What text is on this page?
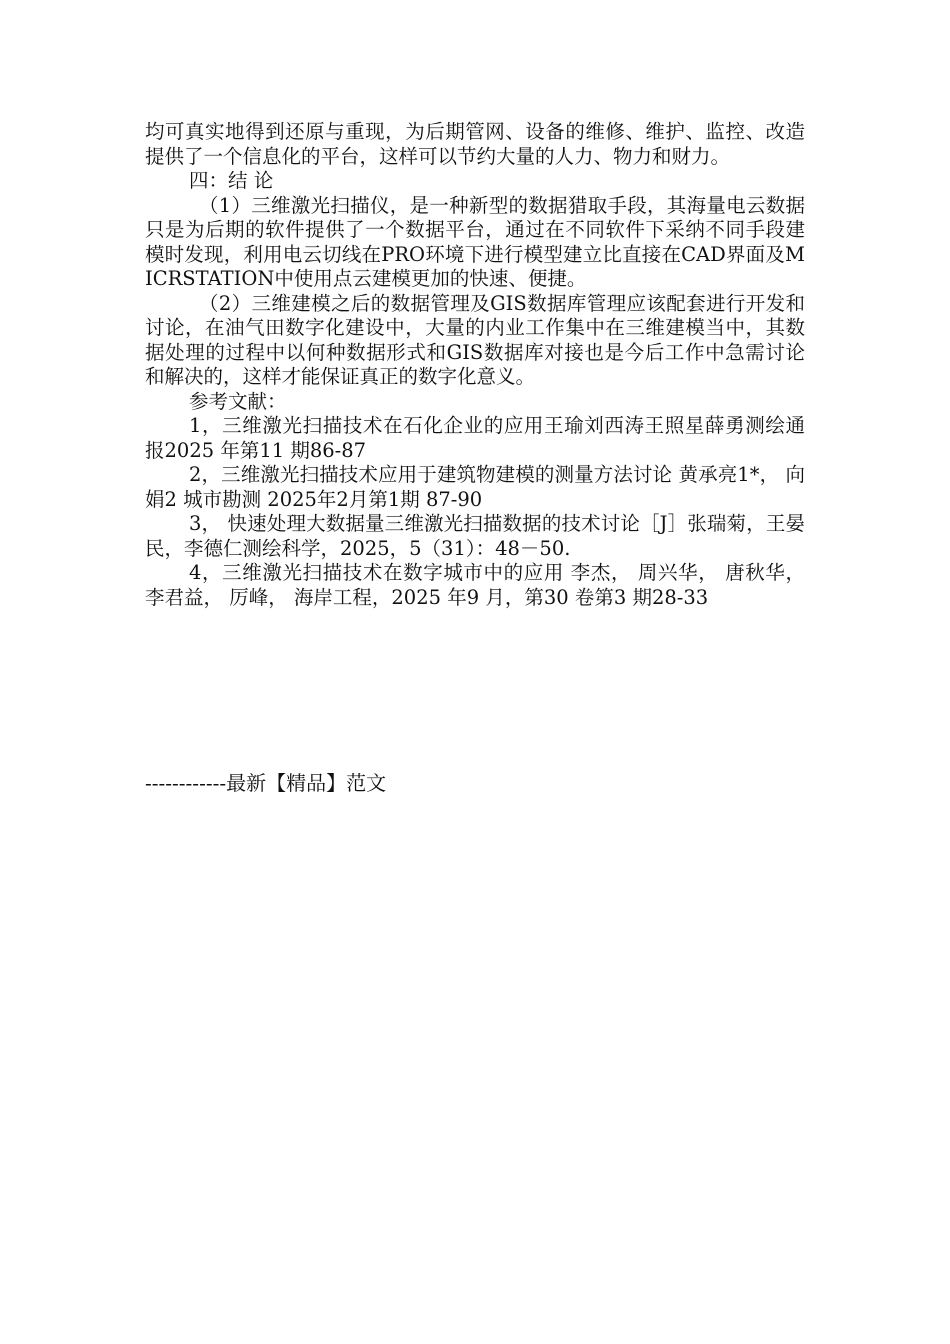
均可真实地得到还原与重现，为后期管网、设备的维修、维护、监控、改造提供了一个信息化的平台，这样可以节约大量的人力、物力和财力。

四：结 论

（1）三维激光扫描仪，是一种新型的数据猎取手段，其海量电云数据只是为后期的软件提供了一个数据平台，通过在不同软件下采纳不同手段建模时发现，利用电云切线在PRO环境下进行模型建立比直接在CAD界面及MICRSTATION中使用点云建模更加的快速、便捷。

（2）三维建模之后的数据管理及GIS数据库管理应该配套进行开发和讨论，在油气田数字化建设中，大量的内业工作集中在三维建模当中，其数据处理的过程中以何种数据形式和GIS数据库对接也是今后工作中急需讨论和解决的，这样才能保证真正的数字化意义。

参考文献：

1，三维激光扫描技术在石化企业的应用王瑜刘西涛王照星薛勇测绘通报2025 年第11 期86-87

2，三维激光扫描技术应用于建筑物建模的测量方法讨论 黄承亮1*， 向娟2 城市勘测 2025年2月第1期 87-90

3， 快速处理大数据量三维激光扫描数据的技术讨论［J］张瑞菊，王晏民，李德仁测绘科学，2025，5（31）：48－50.

4，三维激光扫描技术在数字城市中的应用 李杰， 周兴华， 唐秋华， 李君益， 厉峰， 海岸工程，2025 年9 月，第30 卷第3 期28-33

------------最新【精品】范文
